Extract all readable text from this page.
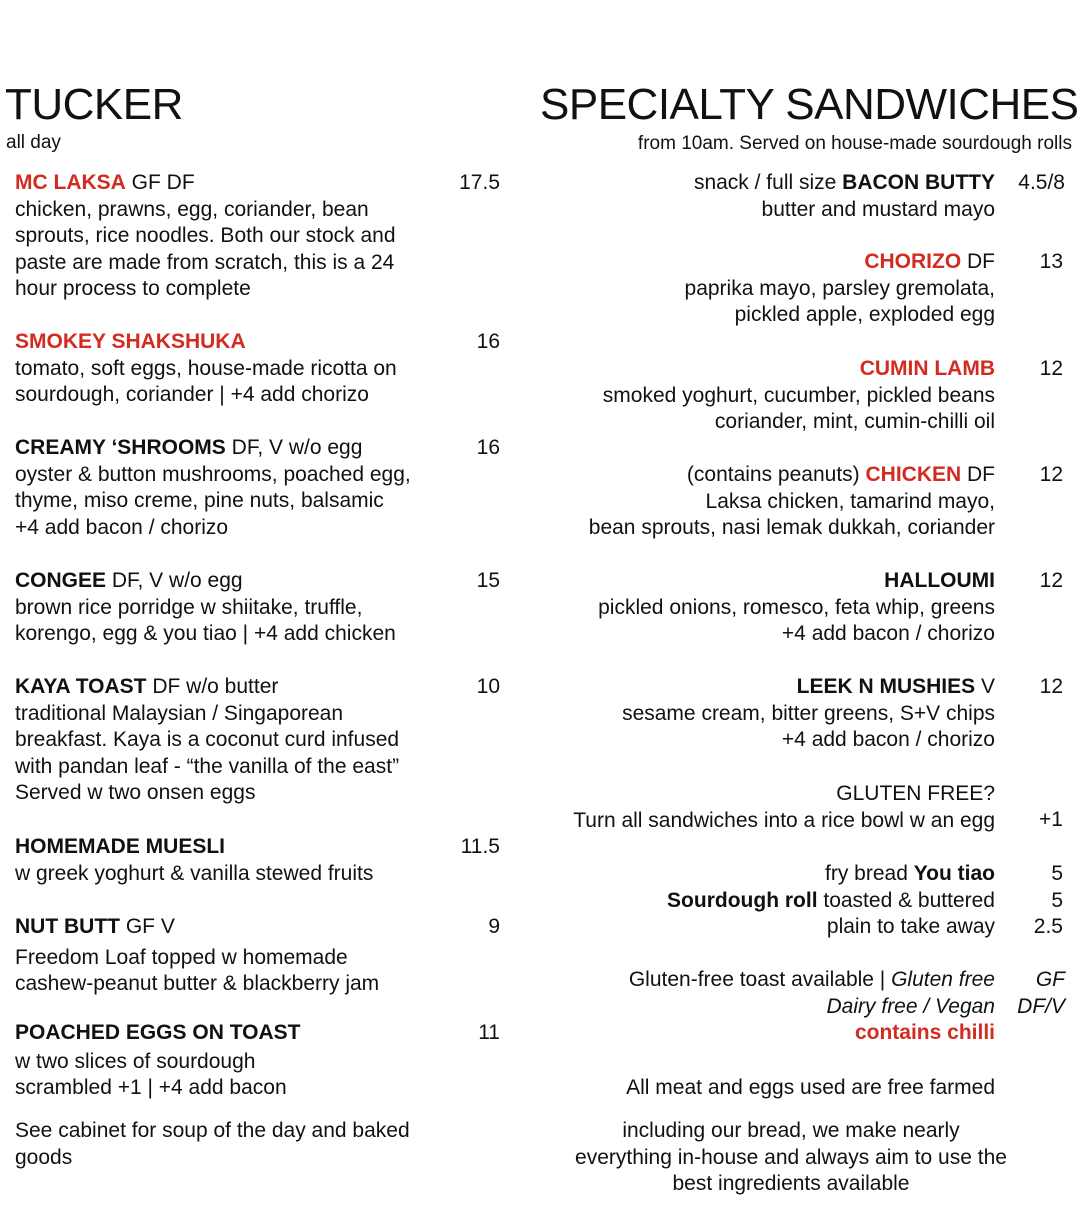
TUCKER
all day
MC LAKSA GF DF
chicken, prawns, egg, coriander, bean
sprouts, rice noodles. Both our stock and
paste are made from scratch, this is a 24
hour process to complete
17.5
SMOKEY SHAKSHUKA
tomato, soft eggs, house-made ricotta on
sourdough, coriander | +4 add chorizo
16
CREAMY ‘SHROOMS DF, V w/o egg
oyster & button mushrooms, poached egg,
thyme, miso creme, pine nuts, balsamic
+4 add bacon / chorizo
16
CONGEE DF, V w/o egg
brown rice porridge w shiitake, truffle,
korengo, egg & you tiao | +4 add chicken
15
KAYA TOAST DF w/o butter
traditional Malaysian / Singaporean
breakfast. Kaya is a coconut curd infused
with pandan leaf - “the vanilla of the east”
Served w two onsen eggs
10
HOMEMADE MUESLI
w greek yoghurt & vanilla stewed fruits
11.5
NUT BUTT GF V
Freedom Loaf topped w homemade
cashew-peanut butter & blackberry jam
9
POACHED EGGS ON TOAST
w two slices of sourdough
scrambled +1 | +4 add bacon
11
See cabinet for soup of the day and baked
goods
SPECIALTY SANDWICHES
from 10am. Served on house-made sourdough rolls
snack / full size BACON BUTTY
butter and mustard mayo
4.5/8
CHORIZO DF
paprika mayo, parsley gremolata,
pickled apple, exploded egg
13
CUMIN LAMB
smoked yoghurt, cucumber, pickled beans
coriander, mint, cumin-chilli oil
12
(contains peanuts) CHICKEN DF
Laksa chicken, tamarind mayo,
bean sprouts, nasi lemak dukkah, coriander
12
HALLOUMI
pickled onions, romesco, feta whip, greens
+4 add bacon / chorizo
12
LEEK N MUSHIES V
sesame cream, bitter greens, S+V chips
+4 add bacon / chorizo
12
GLUTEN FREE?
Turn all sandwiches into a rice bowl w an egg	+1
fry bread You tiao
Sourdough roll toasted & buttered
plain to take away
5
5
2.5
Gluten-free toast available | Gluten free
Dairy free / Vegan
contains chilli
GF
DF/V
All meat and eggs used are free farmed
including our bread, we make nearly
everything in-house and always aim to use the
best ingredients available
